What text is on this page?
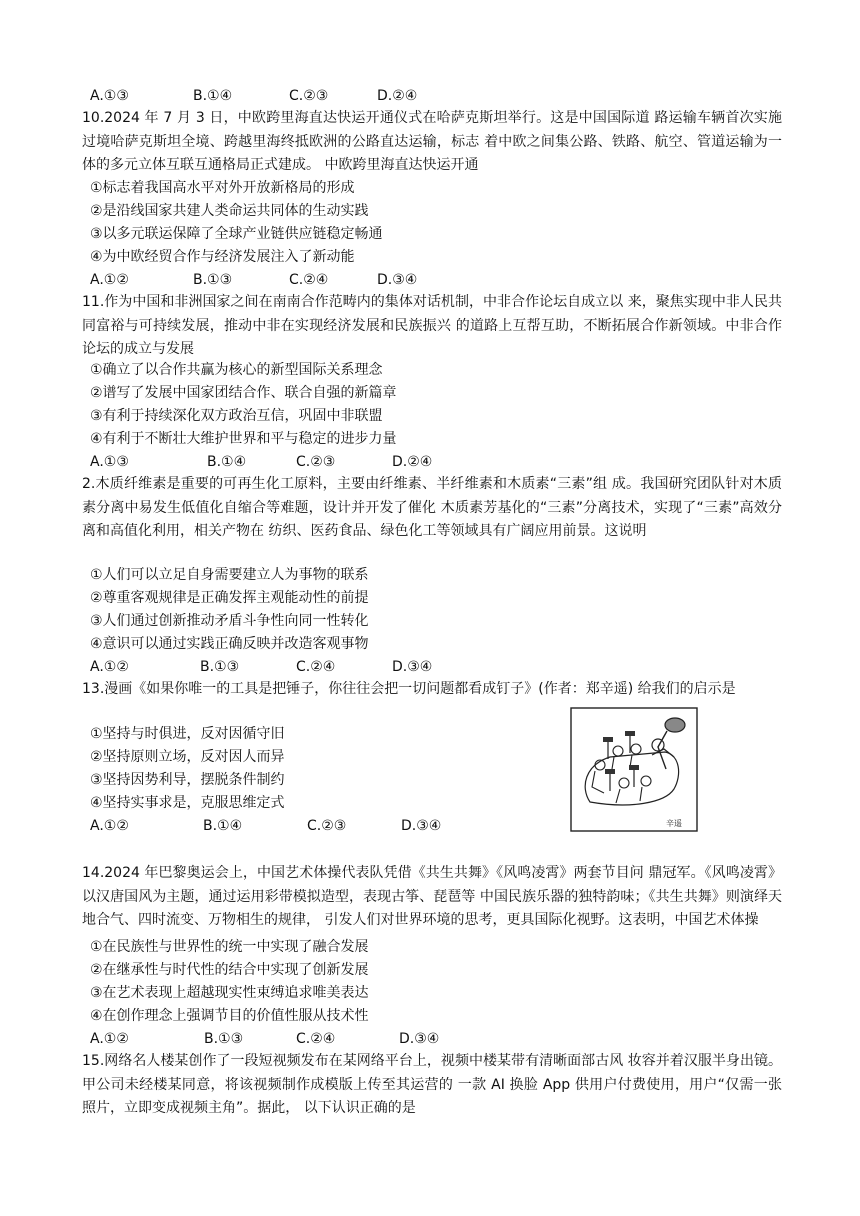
A.①③	B.①④	C.②③	D.②④
10.2024 年 7 月 3 日，中欧跨里海直达快运开通仪式在哈萨克斯坦举行。这是中国国际道 路运输车辆首次实施过境哈萨克斯坦全境、跨越里海终抵欧洲的公路直达运输，标志 着中欧之间集公路、铁路、航空、管道运输为一体的多元立体互联互通格局正式建成。 中欧跨里海直达快运开通
①标志着我国高水平对外开放新格局的形成
②是沿线国家共建人类命运共同体的生动实践
③以多元联运保障了全球产业链供应链稳定畅通
④为中欧经贸合作与经济发展注入了新动能
A.①②	B.①③	C.②④	D.③④
11.作为中国和非洲国家之间在南南合作范畴内的集体对话机制，中非合作论坛自成立以 来，聚焦实现中非人民共同富裕与可持续发展，推动中非在实现经济发展和民族振兴 的道路上互帮互助，不断拓展合作新领域。中非合作论坛的成立与发展
①确立了以合作共赢为核心的新型国际关系理念
②谱写了发展中国家团结合作、联合自强的新篇章
③有利于持续深化双方政治互信，巩固中非联盟
④有利于不断壮大维护世界和平与稳定的进步力量
A.①③	B.①④	C.②③	D.②④
2.木质纤维素是重要的可再生化工原料，主要由纤维素、半纤维素和木质素“三素”组 成。我国研究团队针对木质素分离中易发生低值化自缩合等难题，设计并开发了催化 木质素芳基化的“三素”分离技术，实现了“三素”高效分离和高值化利用，相关产物在 纺织、医药食品、绿色化工等领域具有广阔应用前景。这说明
①人们可以立足自身需要建立人为事物的联系
②尊重客观规律是正确发挥主观能动性的前提
③人们通过创新推动矛盾斗争性向同一性转化
④意识可以通过实践正确反映并改造客观事物
A.①②	B.①③	C.②④	D.③④
13.漫画《如果你唯一的工具是把锤子，你往往会把一切问题都看成钉子》(作者：郑辛遥) 给我们的启示是
①坚持与时俱进，反对因循守旧
②坚持原则立场，反对因人而异
③坚持因势利导，摆脱条件制约
④坚持实事求是，克服思维定式
A.①②	B.①④	C.②③	D.③④	辛遥
14.2024 年巴黎奥运会上，中国艺术体操代表队凭借《共生共舞》《风鸣凌霄》两套节目问 鼎冠军。《风鸣凌霄》以汉唐国风为主题，通过运用彩带模拟造型，表现古筝、琵琶等 中国民族乐器的独特韵味；《共生共舞》则演绎天地合气、四时流变、万物相生的规律， 引发人们对世界环境的思考，更具国际化视野。这表明，中国艺术体操
①在民族性与世界性的统一中实现了融合发展
②在继承性与时代性的结合中实现了创新发展
③在艺术表现上超越现实性束缚追求唯美表达
④在创作理念上强调节目的价值性服从技术性
A.①②	B.①③	C.②④	D.③④
15.网络名人楼某创作了一段短视频发布在某网络平台上，视频中楼某带有清晰面部古风 妆容并着汉服半身出镜。甲公司未经楼某同意，将该视频制作成模版上传至其运营的 一款 AI 换脸 App 供用户付费使用，用户“仅需一张照片，立即变成视频主角”。据此， 以下认识正确的是
